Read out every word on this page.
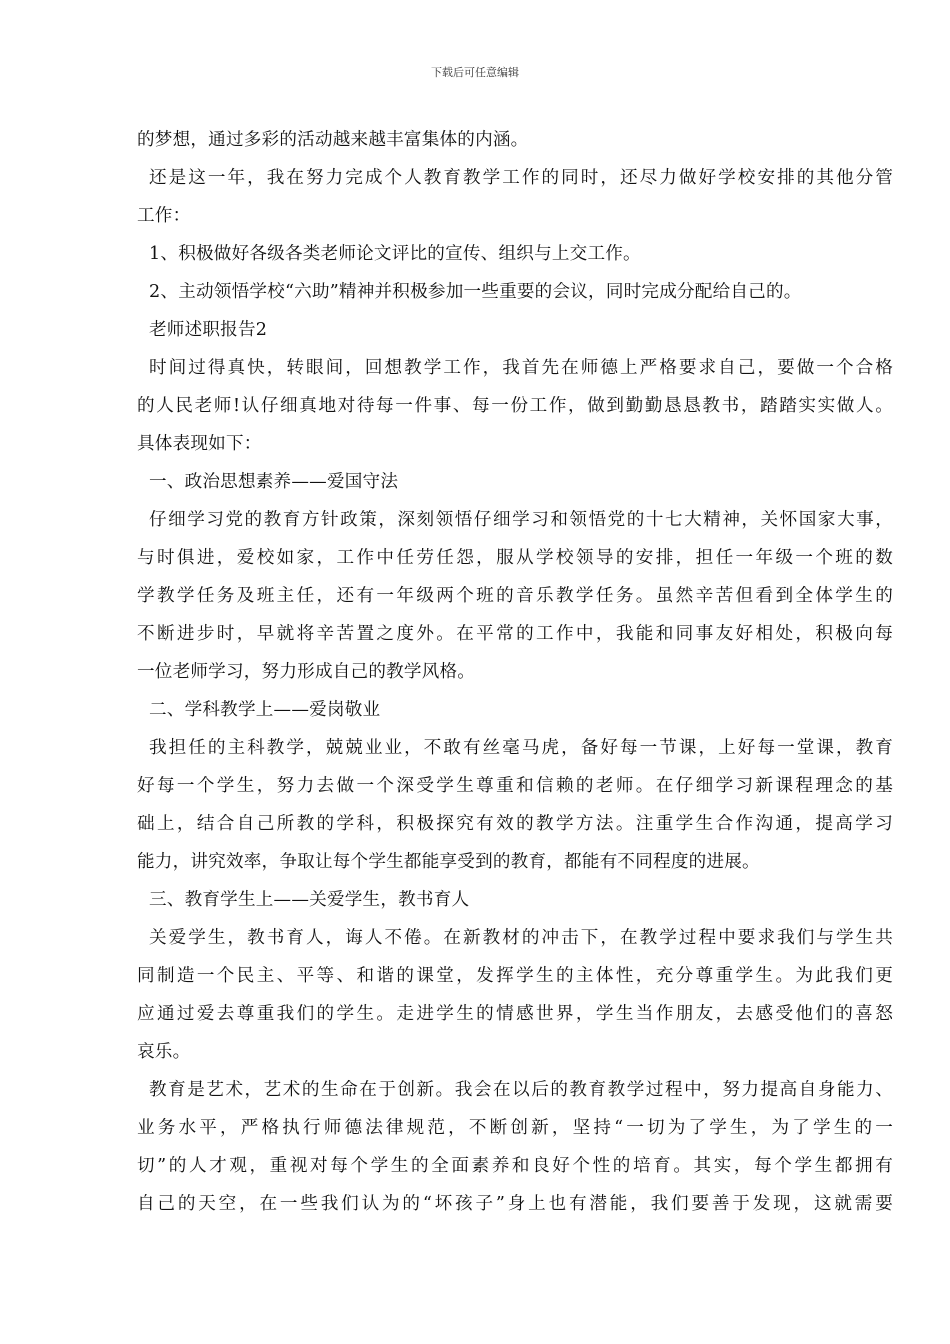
下载后可任意编辑
的梦想，通过多彩的活动越来越丰富集体的内涵。
还是这一年，我在努力完成个人教育教学工作的同时，还尽力做好学校安排的其他分管
工作：
1、积极做好各级各类老师论文评比的宣传、组织与上交工作。
2、主动领悟学校“六助”精神并积极参加一些重要的会议，同时完成分配给自己的。
老师述职报告2
时间过得真快，转眼间，回想教学工作，我首先在师德上严格要求自己，要做一个合格
的人民老师!认仔细真地对待每一件事、每一份工作，做到勤勤恳恳教书，踏踏实实做人。
具体表现如下：
一、政治思想素养——爱国守法
仔细学习党的教育方针政策，深刻领悟仔细学习和领悟党的十七大精神，关怀国家大事，
与时俱进，爱校如家，工作中任劳任怨，服从学校领导的安排，担任一年级一个班的数
学教学任务及班主任，还有一年级两个班的音乐教学任务。虽然辛苦但看到全体学生的
不断进步时，早就将辛苦置之度外。在平常的工作中，我能和同事友好相处，积极向每
一位老师学习，努力形成自己的教学风格。
二、学科教学上——爱岗敬业
我担任的主科教学，兢兢业业，不敢有丝毫马虎，备好每一节课，上好每一堂课，教育
好每一个学生，努力去做一个深受学生尊重和信赖的老师。在仔细学习新课程理念的基
础上，结合自己所教的学科，积极探究有效的教学方法。注重学生合作沟通，提高学习
能力，讲究效率，争取让每个学生都能享受到的教育，都能有不同程度的进展。
三、教育学生上——关爱学生，教书育人
关爱学生，教书育人，诲人不倦。在新教材的冲击下，在教学过程中要求我们与学生共
同制造一个民主、平等、和谐的课堂，发挥学生的主体性，充分尊重学生。为此我们更
应通过爱去尊重我们的学生。走进学生的情感世界，学生当作朋友，去感受他们的喜怒
哀乐。
教育是艺术，艺术的生命在于创新。我会在以后的教育教学过程中，努力提高自身能力、
业务水平，严格执行师德法律规范，不断创新，坚持“一切为了学生，为了学生的一
切”的人才观，重视对每个学生的全面素养和良好个性的培育。其实，每个学生都拥有
自己的天空，在一些我们认为的“坏孩子”身上也有潜能，我们要善于发现，这就需要
